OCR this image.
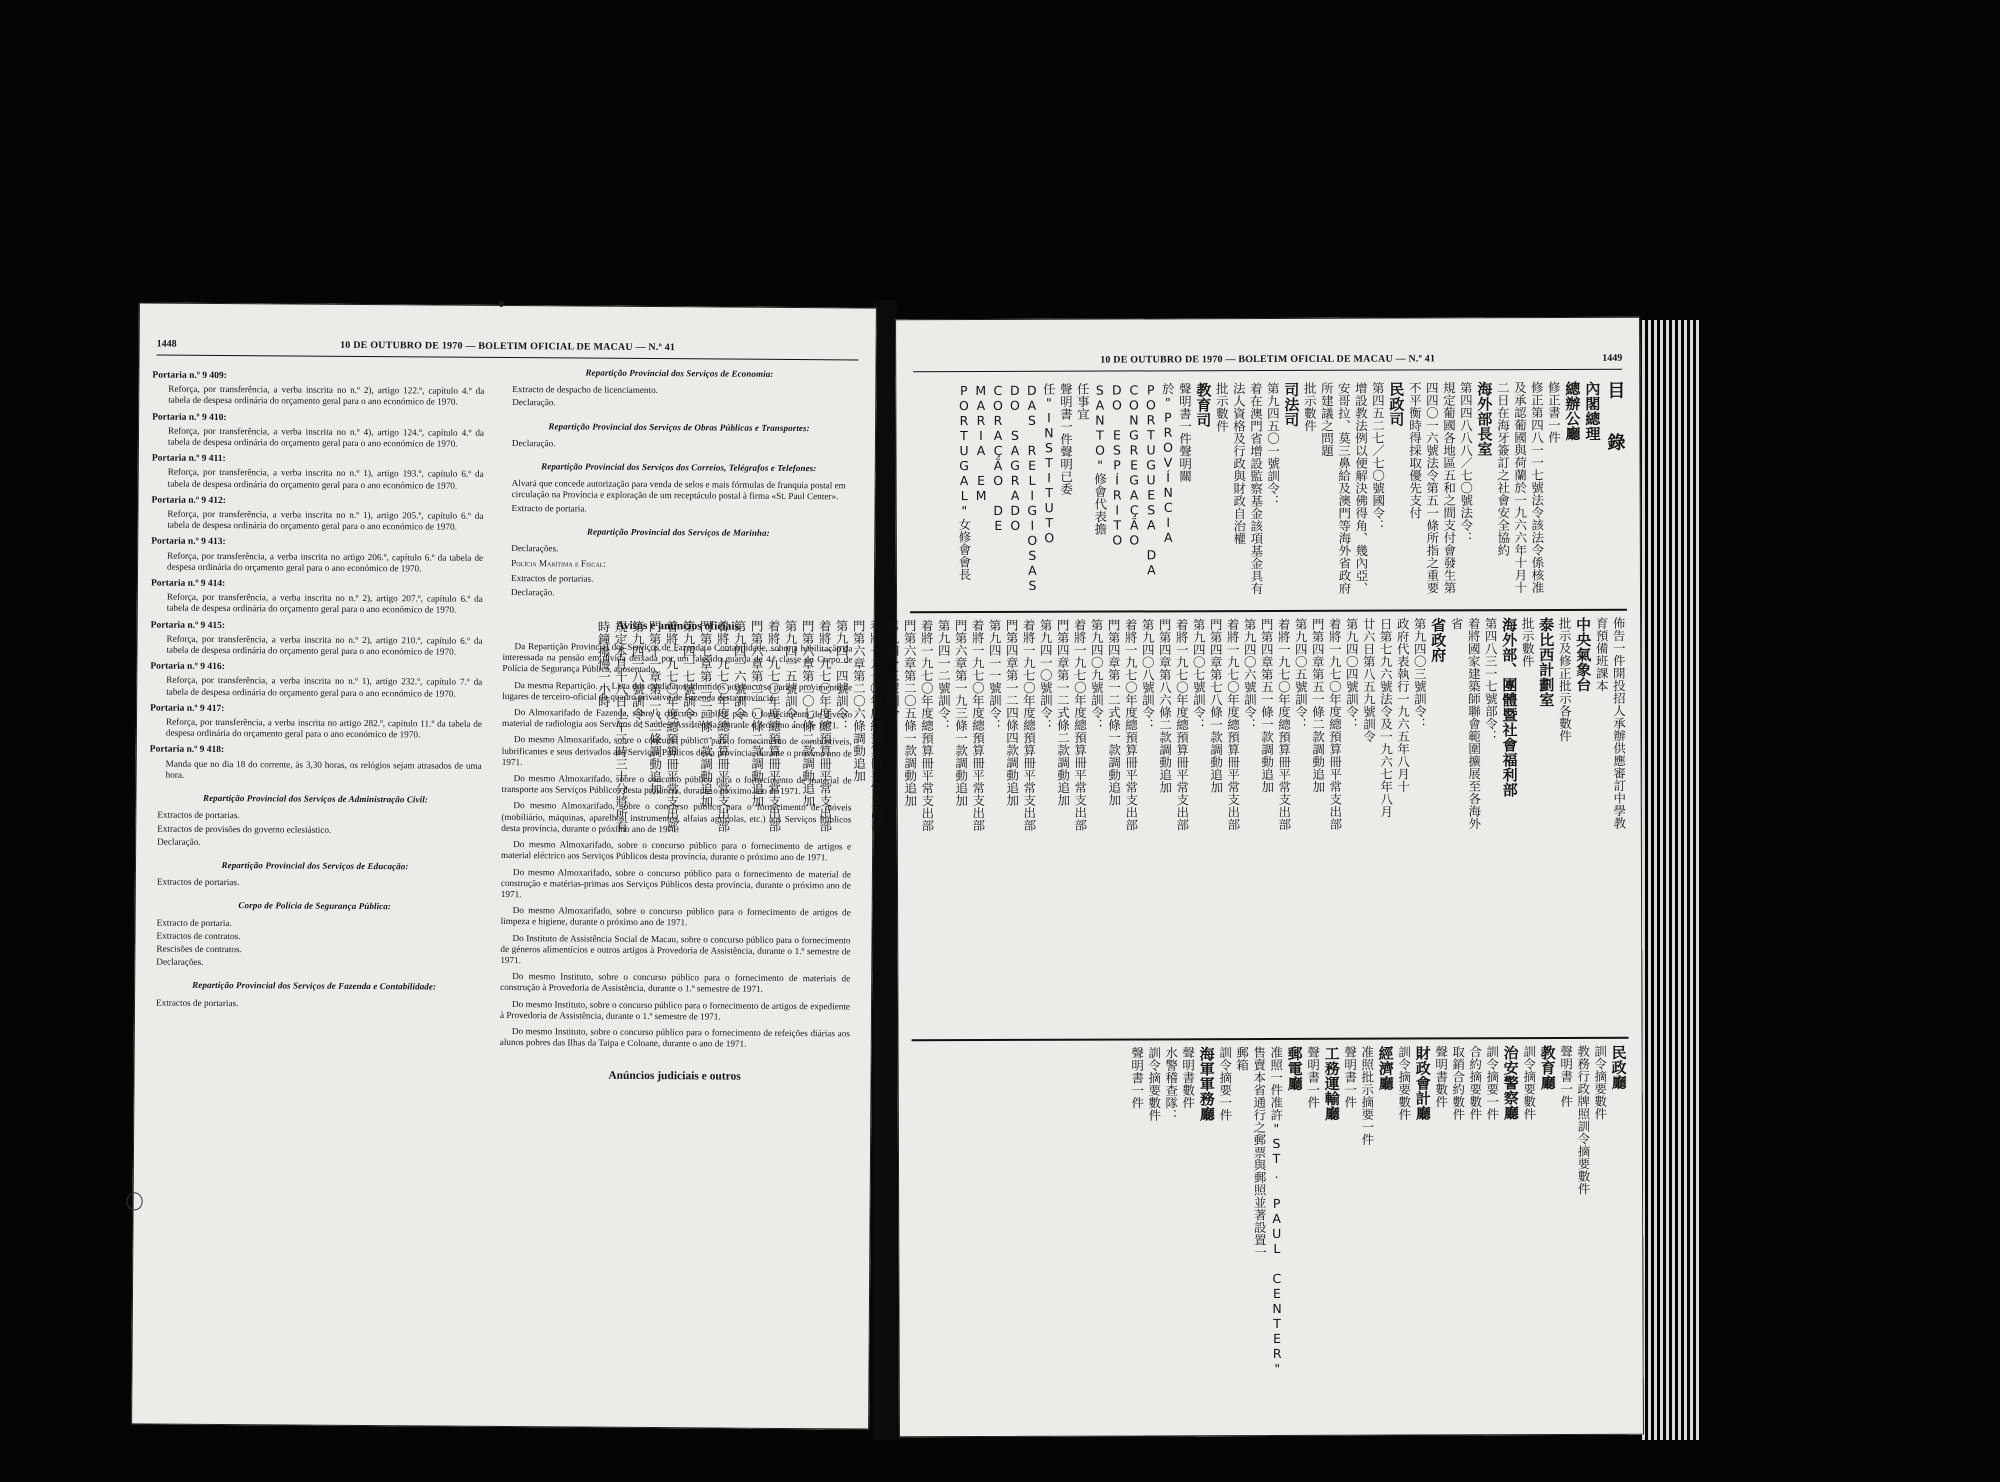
1448	10 DE OUTUBRO DE 1970 — BOLETIM OFICIAL DE MACAU — N.º 41
Portaria n.º 9 409:

Reforça, por transferência, a verba inscrita no n.º 2), artigo 122.º, capítulo 4.º da tabela de despesa ordinária do orçamento geral para o ano económico de 1970.

Portaria n.º 9 410:

Reforça, por transferência, a verba inscrita no n.º 4), artigo 124.º, capítulo 4.º da tabela de despesa ordinária do orçamento geral para o ano económico de 1970.

Portaria n.º 9 411:

Reforça, por transferência, a verba inscrita no n.º 1), artigo 193.º, capítulo 6.º da tabela de despesa ordinária do orçamento geral para o ano económico de 1970.

Portaria n.º 9 412:

Reforça, por transferência, a verba inscrita no n.º 1), artigo 205.º, capítulo 6.º da tabela de despesa ordinária do orçamento geral para o ano económico de 1970.

Portaria n.º 9 413:

Reforça, por transferência, a verba inscrita no artigo 206.º, capítulo 6.º da tabela de despesa ordinária do orçamento geral para o ano económico de 1970.

Portaria n.º 9 414:

Reforça, por transferência, a verba inscrita no n.º 2), artigo 207.º, capítulo 6.º da tabela de despesa ordinária do orçamento geral para o ano económico de 1970.

Portaria n.º 9 415:

Reforça, por transferência, a verba inscrita no n.º 2), artigo 210.º, capítulo 6.º da tabela de despesa ordinária do orçamento geral para o ano económico de 1970.

Portaria n.º 9 416:

Reforça, por transferência, a verba inscrita no n.º 1), artigo 232.º, capítulo 7.º da tabela de despesa ordinária do orçamento geral para o ano económico de 1970.

Portaria n.º 9 417:

Reforça, por transferência, a verba inscrita no artigo 282.º, capítulo 11.º da tabela de despesa ordinária do orçamento geral para o ano económico de 1970.

Portaria n.º 9 418:

Manda que no dia 18 do corrente, às 3,30 horas, os relógios sejam atrasados de uma hora.

Repartição Provincial dos Serviços de Administração Civil:
Extractos de portarias.
Extractos de provisões do governo eclesiástico.
Declaração.
Repartição Provincial dos Serviços de Educação:
Extractos de portarias.
Corpo de Polícia de Segurança Pública:
Extracto de portaria.
Extractos de contratos.
Rescisões de contratos.
Declarações.
Repartição Provincial dos Serviços de Fazenda e Contabilidade:
Extractos de portarias.
Repartição Provincial dos Serviços de Economia:
Extracto de despacho de licenciamento.
Declaração.
Repartição Provincial dos Serviços de Obras Públicas e Transportes:
Declaração.
Repartição Provincial dos Serviços dos Correios, Telégrafos e Telefones:
Alvará que concede autorização para venda de selos e mais fórmulas de franquia postal em circulação na Província e exploração de um receptáculo postal à firma «St. Paul Center».
Extracto de portaria.
Repartição Provincial dos Serviços de Marinha:
Declarações.
Polícia Marítima e Fiscal:
Extractos de portarias.
Declaração.
Avisos e anúncios oficiais

Da Repartição Provincial dos Serviços de Fazenda e Contabilidade, sobre a habilitação da interessada na pensão em dívida deixada por um falecido guarda de 4.ª classe do Corpo de Polícia de Segurança Pública, aposentado.

Da mesma Repartição. — Lista dos candidatos admitidos ao concurso para o provimento de lugares de terceiro-oficial do quadro privativo de Fazenda desta província.

Do Almoxarifado de Fazenda, sobre o concurso público para o fornecimento de diverso material de radiologia aos Serviços de Saúde e Assistência, durante o próximo ano de 1971.

Do mesmo Almoxarifado, sobre o concurso público para o fornecimento de combustíveis, lubrificantes e seus derivados aos Serviços Públicos desta província, durante o próximo ano de 1971.

Do mesmo Almoxarifado, sobre o concurso público para o fornecimento de material de transporte aos Serviços Públicos desta província, durante o próximo ano de 1971.

Do mesmo Almoxarifado, sobre o concurso público para o fornecimento de móveis (mobiliário, máquinas, aparelhos, instrumentos, alfaias agrícolas, etc.) aos Serviços Públicos desta província, durante o próximo ano de 1971.

Do mesmo Almoxarifado, sobre o concurso público para o fornecimento de artigos e material eléctrico aos Serviços Públicos desta província, durante o próximo ano de 1971.

Do mesmo Almoxarifado, sobre o concurso público para o fornecimento de material de construção e matérias-primas aos Serviços Públicos desta província, durante o próximo ano de 1971.

Do mesmo Almoxarifado, sobre o concurso público para o fornecimento de artigos de limpeza e higiene, durante o próximo ano de 1971.

Do Instituto de Assistência Social de Macau, sobre o concurso público para o fornecimento de géneros alimentícios e outros artigos à Provedoria de Assistência, durante o 1.º semestre de 1971.

Do mesmo Instituto, sobre o concurso público para o fornecimento de materiais de construção à Provedoria de Assistência, durante o 1.º semestre de 1971.

Do mesmo Instituto, sobre o concurso público para o fornecimento de artigos de expediente à Provedoria de Assistência, durante o 1.º semestre de 1971.

Do mesmo Instituto, sobre o concurso público para o fornecimento de refeições diárias aos alunos pobres das Ilhas da Taipa e Coloane, durante o ano de 1971.

Anúncios judiciais e outros
10 DE OUTUBRO DE 1970 — BOLETIM OFICIAL DE MACAU — N.º 41	1449
目　錄
內閣總理
總辦公廳
修正書一件
修正第四八一一七號法令該法令係核准
及承認葡國與荷蘭於一九六六年十月十
二日在海牙簽訂之社會安全協約
海外部長室
第四四八八八／七〇號法令：
規定葡國各地區五和之間支付會發生第
四四〇一六號法令第五一條所指之重要
不平衡時得採取優先支付
民政司
第四五二七／七〇號國令：
增設教法例以便解決佛得角、幾內亞、
安哥拉、莫三鼻給及澳門等海外省政府
所建議之問題
批示數件
司法司
第九四五〇一號訓令：
着在澳門省增設監察基金該項基金具有
法人資格及行政與財政自治權
批示數件
教育司
聲明書一件聲明關於"PROVÍNCIA
PORTUGUESA DA CONGREGAÇÃO
DO ESPÍRITO SANTO"修會代表擔
任事宜
聲明書一件聲明已委任"INSTITUTO
DAS RELIGIOSAS DO SAGRADO
CORAÇÃO DE MARIA EM
PORTUGAL"女修會會長
佈告一件開投招人承辦供應審訂中學教
育預備班課本
中央氣象台
批示及修正批示各數件
泰比西計劃室
批示數件
海外部、團體暨社會福利部
第四八三一七號部令：
着將國家建築師聯會範圍擴展至各海外
省
省政府
第九四〇三號訓令：
政府代表執行一九六五年八月十
日第七九六號法令及一九六七年八月
廿六日第八五九號訓令
第九四〇四號訓令：
着將一九七〇年度總預算冊平常支出部
門第四章第五一條二款調動追加
第九四〇五號訓令：
着將一九七〇年度總預算冊平常支出部
門第四章第五一條一款調動追加
第九四〇六號訓令：
着將一九七〇年度總預算冊平常支出部
門第四章第七八條一款調動追加
第九四〇七號訓令：
着將一九七〇年度總預算冊平常支出部
門第四章第八六條二款調動追加
第九四〇八號訓令：
着將一九七〇年度總預算冊平常支出部
門第四章第一二式條一款調動追加
第九四〇九號訓令：
着將一九七〇年度總預算冊平常支出部
門第四章第一二式條二款調動追加
第九四一〇號訓令：
着將一九七〇年度總預算冊平常支出部
門第四章第一二四條四款調動追加
第九四一一號訓令：
着將一九七〇年度總預算冊平常支出部
門第六章第一九三條一款調動追加
第九四一二號訓令：
着將一九七〇年度總預算冊平常支出部
門第六章第二〇五條一款調動追加
第九四一三號訓令：
着將一九七〇年度總預算冊平常支出部
門第六章第二〇六條調動追加
第九四一四號訓令：
着將一九七〇年度總預算冊平常支出部
門第六章第二〇七條二款調動追加
第九四一五號訓令：
着將一九七〇年度總預算冊平常支出部
門第六章第二一〇條二款調動追加
第九四一六號訓令：
着將一九七〇年度總預算冊平常支出部
門第七章第二三二條一款調動追加
第九四一七號訓令：
着將一九七〇年度總預算冊平常支出部
門第十一章第二八二條調動追加
第九四一八號訓令：
規定本月十八日上午三時三十分將所有
時鐘撥慢一小時
民政廳
訓令摘要數件
教務行政牌照訓令摘要數件
聲明書一件
教育廳
訓令摘要數件
治安警察廳
訓令摘要一件
合約摘要數件
取銷合約數件
聲明書數件
財政會計廳
訓令摘要數件
經濟廳
准照批示摘要一件
聲明書一件
工務運輸廳
聲明書一件
郵電廳
准照一件准許"ST. PAUL CENTER"
售賣本省通行之郵票與郵照並著設置一
郵箱
訓令摘要一件
海軍軍務廳
聲明書數件
水警稽查隊：
訓令摘要數件
聲明書一件
